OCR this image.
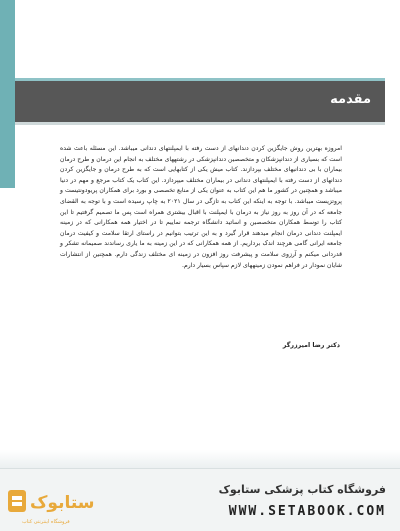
مقدمه

امروزه بهترین روش جایگزین کردن دندانهای از دست رفته با ایمپلنتهای دندانی میباشد. این مسئله باعث شده است که بسیاری از دندانپزشکان و متخصصین دندانپزشکی در رشتههای مختلف به انجام این درمان و طرح درمان بیماران با بی دندانیهای مختلف بپردازند. کتاب میش یکی از کتابهایی است که به طرح درمان و جایگزین کردن دندانهای از دست رفته با ایمپلنتهای دندانی در بیماران مختلف میپردازد. این کتاب یک کتاب مرجع و مهم در دنیا میباشد و همچنین در کشور ما هم این کتاب به عنوان یکی از منابع تخصصی و بورد برای همکاران پریودونتیست و پروتزیست میباشد. با توجه به اینکه این کتاب به تازگی در سال ۲۰۲۱ به چاپ رسیده است و با توجه به القضای جامعه که در آن روز به روز نیاز به درمان با ایمپلنت با اقبال بیشتری همراه است پس ما تصمیم گرفتیم تا این کتاب را توسط همکاران متخصصین و اساتید دانشگاه ترجمه نماییم تا در اختیار همه همکارانی که در زمینه ایمپلنت دندانی درمان انجام میدهند قرار گیرد و به این ترتیب بتوانیم در راستای ارتقا سلامت و کیفیت درمان جامعه ایرانی گامی هرچند اندک برداریم. از همه همکارانی که در این زمینه به ما یاری رساندند صمیمانه تشکر و قدردانی میکنم و آرزوی سلامت و پیشرفت روز افزون در زمینه ای مختلف زندگی دارم. همچنین از انتشارات شایان نمودار در فراهم نمودن زمینههای لازم سپاس بسیار دارم.

دکتر رضا امیرزرگر
ستابوک
فروشگاه اینترنتی کتاب
فروشگاه کتاب پزشکی ستابوک
WWW.SETABOOK.COM
